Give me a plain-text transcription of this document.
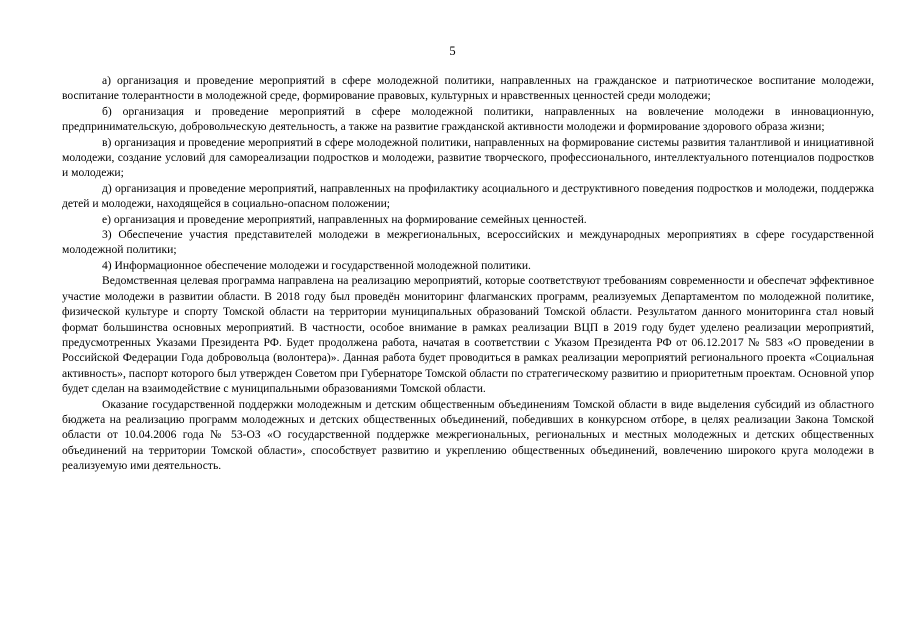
5

а) организация и проведение мероприятий в сфере молодежной политики, направленных на гражданское и патриотическое воспитание молодежи, воспитание толерантности в молодежной среде, формирование правовых, культурных и нравственных ценностей среди молодежи;

б) организация и проведение мероприятий в сфере молодежной политики, направленных на вовлечение молодежи в инновационную, предпринимательскую, добровольческую деятельность, а также на развитие гражданской активности молодежи и формирование здорового образа жизни;

в) организация и проведение мероприятий в сфере молодежной политики, направленных на формирование системы развития талантливой и инициативной молодежи, создание условий для самореализации подростков и молодежи, развитие творческого, профессионального, интеллектуального потенциалов подростков и молодежи;

д) организация и проведение мероприятий, направленных на профилактику асоциального и деструктивного поведения подростков и молодежи, поддержка детей и молодежи, находящейся в социально-опасном положении;

е) организация и проведение мероприятий, направленных на формирование семейных ценностей.

3) Обеспечение участия представителей молодежи в межрегиональных, всероссийских и международных мероприятиях в сфере государственной молодежной политики;

4) Информационное обеспечение молодежи и государственной молодежной политики.

Ведомственная целевая программа направлена на реализацию мероприятий, которые соответствуют требованиям современности и обеспечат эффективное участие молодежи в развитии области. В 2018 году был проведён мониторинг флагманских программ, реализуемых Департаментом по молодежной политике, физической культуре и спорту Томской области на территории муниципальных образований Томской области. Результатом данного мониторинга стал новый формат большинства основных мероприятий. В частности, особое внимание в рамках реализации ВЦП в 2019 году будет уделено реализации мероприятий, предусмотренных Указами Президента РФ. Будет продолжена работа, начатая в соответствии с Указом Президента РФ от 06.12.2017 № 583 «О проведении в Российской Федерации Года добровольца (волонтера)». Данная работа будет проводиться в рамках реализации мероприятий регионального проекта «Социальная активность», паспорт которого был утвержден Советом при Губернаторе Томской области по стратегическому развитию и приоритетным проектам. Основной упор будет сделан на взаимодействие с муниципальными образованиями Томской области.

Оказание государственной поддержки молодежным и детским общественным объединениям Томской области в виде выделения субсидий из областного бюджета на реализацию программ молодежных и детских общественных объединений, победивших в конкурсном отборе, в целях реализации Закона Томской области от 10.04.2006 года № 53-ОЗ «О государственной поддержке межрегиональных, региональных и местных молодежных и детских общественных объединений на территории Томской области», способствует развитию и укреплению общественных объединений, вовлечению широкого круга молодежи в реализуемую ими деятельность.
